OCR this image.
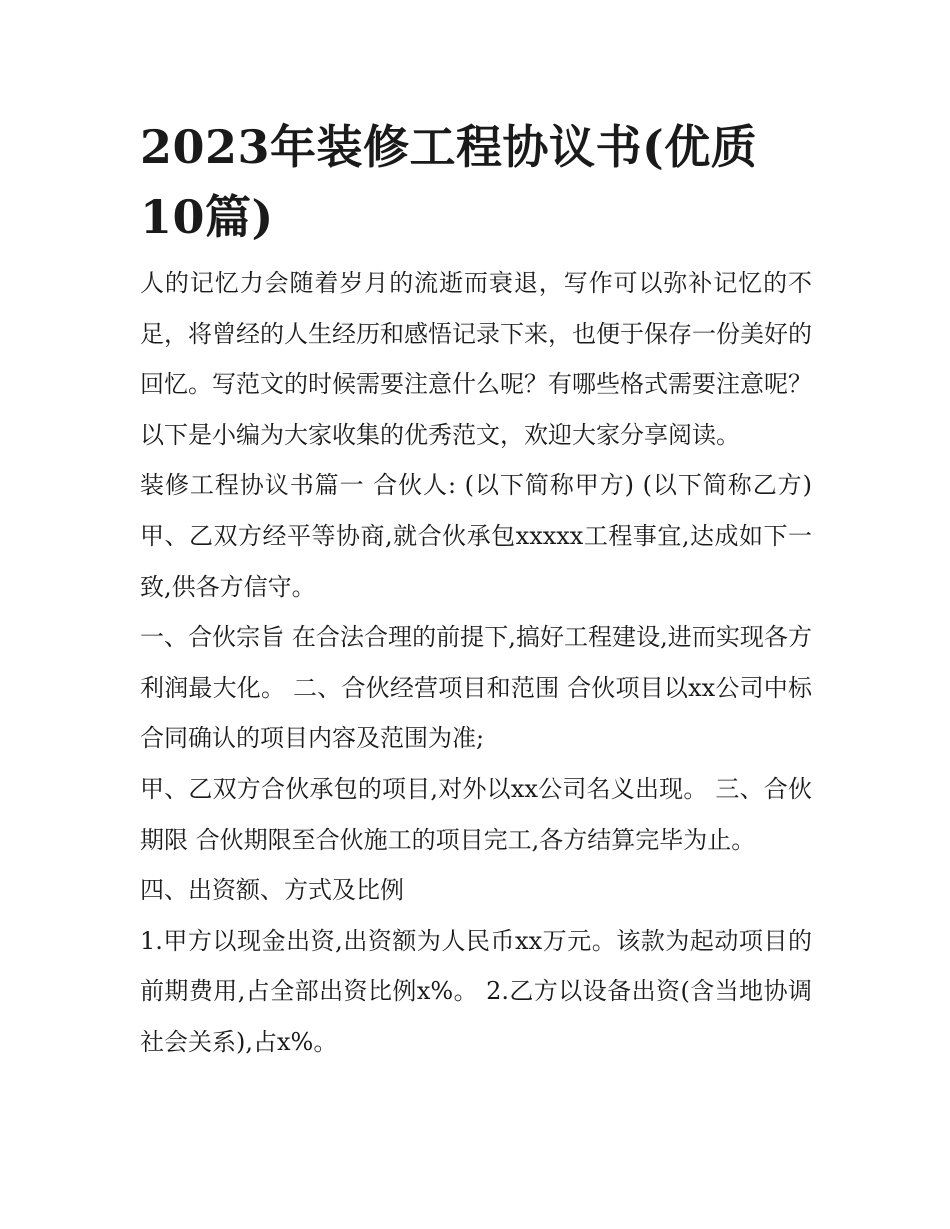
2023年装修工程协议书(优质10篇)

人的记忆力会随着岁月的流逝而衰退，写作可以弥补记忆的不足，将曾经的人生经历和感悟记录下来，也便于保存一份美好的回忆。写范文的时候需要注意什么呢？有哪些格式需要注意呢？以下是小编为大家收集的优秀范文，欢迎大家分享阅读。

装修工程协议书篇一 合伙人: (以下简称甲方) (以下简称乙方) 甲、乙双方经平等协商,就合伙承包xxxxx工程事宜,达成如下一致,供各方信守。

一、合伙宗旨 在合法合理的前提下,搞好工程建设,进而实现各方利润最大化。 二、合伙经营项目和范围 合伙项目以xx公司中标合同确认的项目内容及范围为准;

甲、乙双方合伙承包的项目,对外以xx公司名义出现。 三、合伙期限 合伙期限至合伙施工的项目完工,各方结算完毕为止。

四、出资额、方式及比例

1.甲方以现金出资,出资额为人民币xx万元。该款为起动项目的前期费用,占全部出资比例x%。 2.乙方以设备出资(含当地协调社会关系),占x%。
